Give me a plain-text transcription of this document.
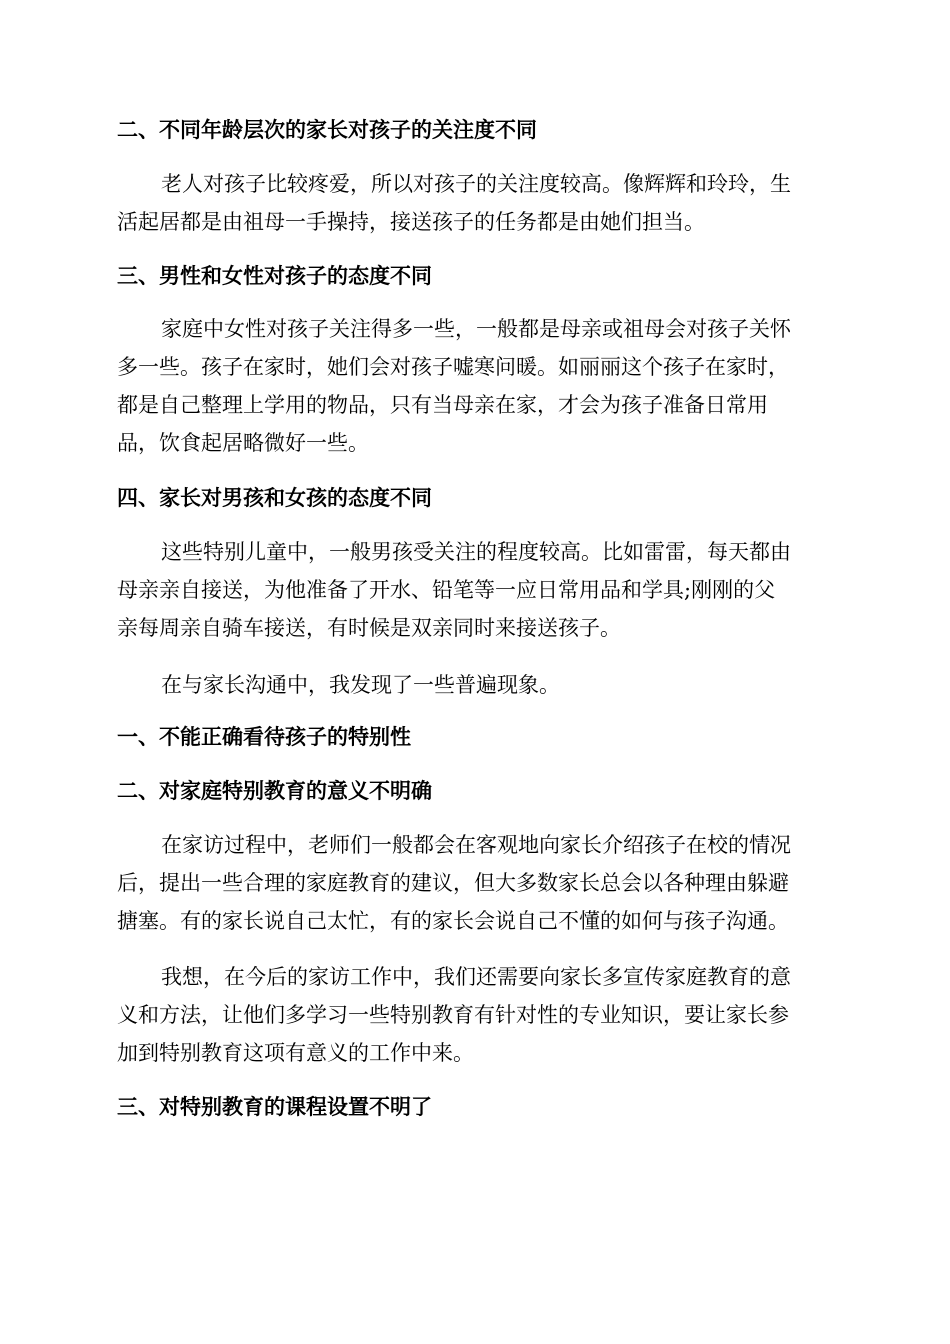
二、不同年龄层次的家长对孩子的关注度不同
老人对孩子比较疼爱，所以对孩子的关注度较高。像辉辉和玲玲，生
活起居都是由祖母一手操持，接送孩子的任务都是由她们担当。
三、男性和女性对孩子的态度不同
家庭中女性对孩子关注得多一些，一般都是母亲或祖母会对孩子关怀
多一些。孩子在家时，她们会对孩子嘘寒问暖。如丽丽这个孩子在家时，
都是自己整理上学用的物品，只有当母亲在家，才会为孩子准备日常用
品，饮食起居略微好一些。
四、家长对男孩和女孩的态度不同
这些特别儿童中，一般男孩受关注的程度较高。比如雷雷，每天都由
母亲亲自接送，为他准备了开水、铅笔等一应日常用品和学具;刚刚的父
亲每周亲自骑车接送，有时候是双亲同时来接送孩子。
在与家长沟通中，我发现了一些普遍现象。
一、不能正确看待孩子的特别性
二、对家庭特别教育的意义不明确
在家访过程中，老师们一般都会在客观地向家长介绍孩子在校的情况
后，提出一些合理的家庭教育的建议，但大多数家长总会以各种理由躲避
搪塞。有的家长说自己太忙，有的家长会说自己不懂的如何与孩子沟通。
我想，在今后的家访工作中，我们还需要向家长多宣传家庭教育的意
义和方法，让他们多学习一些特别教育有针对性的专业知识，要让家长参
加到特别教育这项有意义的工作中来。
三、对特别教育的课程设置不明了
